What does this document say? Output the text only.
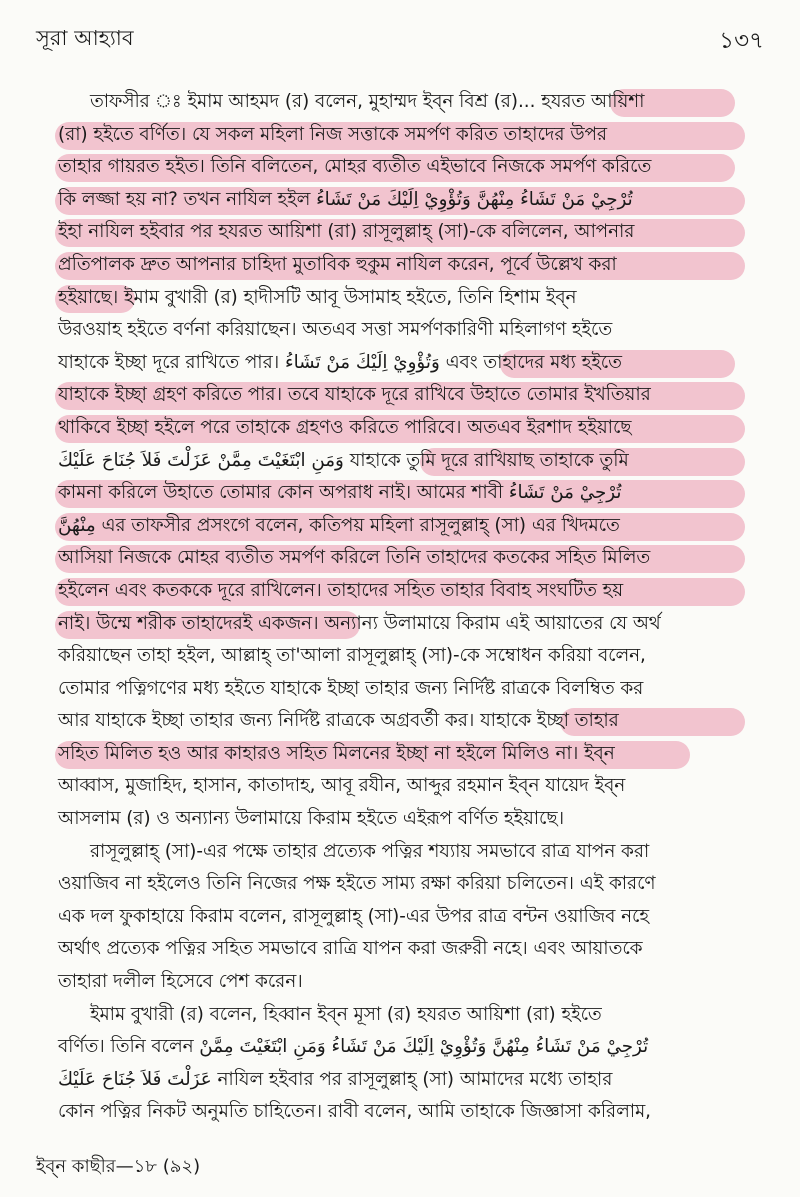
সূরা আহ্যাব	১৩৭
তাফসীর ঃ ইমাম আহমদ (র) বলেন, মুহাম্মদ ইব্ন বিশ্র (র)... হযরত আয়িশা
(রা) হইতে বর্ণিত। যে সকল মহিলা নিজ সত্তাকে সমর্পণ করিত তাহাদের উপর
তাহার গায়রত হইত। তিনি বলিতেন, মোহর ব্যতীত এইভাবে নিজকে সমর্পণ করিতে
কি লজ্জা হয় না? তখন নাযিল হইল تُرْجِيْ مَنْ تَشَاءُ مِنْهُنَّ وَتُؤْوِيْ اِلَيْكَ مَنْ تَشَاءُ
ইহা নাযিল হইবার পর হযরত আয়িশা (রা) রাসূলুল্লাহ্ (সা)-কে বলিলেন, আপনার
প্রতিপালক দ্রুত আপনার চাহিদা মুতাবিক হুকুম নাযিল করেন, পূর্বে উল্লেখ করা
হইয়াছে। ইমাম বুখারী (র) হাদীসটি আবূ উসামাহ হইতে, তিনি হিশাম ইব্ন
উরওয়াহ হইতে বর্ণনা করিয়াছেন। অতএব সত্তা সমর্পণকারিণী মহিলাগণ হইতে
যাহাকে ইচ্ছা দূরে রাখিতে পার। وَتُؤْوِيْ اِلَيْكَ مَنْ تَشَاءُ এবং তাহাদের মধ্য হইতে
যাহাকে ইচ্ছা গ্রহণ করিতে পার। তবে যাহাকে দূরে রাখিবে উহাতে তোমার ইখতিয়ার
থাকিবে ইচ্ছা হইলে পরে তাহাকে গ্রহণও করিতে পারিবে। অতএব ইরশাদ হইয়াছে
وَمَنِ ابْتَغَيْتَ مِمَّنْ عَزَلْتَ فَلاَ جُنَاحَ عَلَيْكَ যাহাকে তুমি দূরে রাখিয়াছ তাহাকে তুমি
কামনা করিলে উহাতে তোমার কোন অপরাধ নাই। আমের শাবী تُرْجِيْ مَنْ تَشَاءُ
مِنْهُنَّ এর তাফসীর প্রসংগে বলেন, কতিপয় মহিলা রাসূলুল্লাহ্ (সা) এর খিদমতে
আসিয়া নিজকে মোহর ব্যতীত সমর্পণ করিলে তিনি তাহাদের কতকের সহিত মিলিত
হইলেন এবং কতককে দূরে রাখিলেন। তাহাদের সহিত তাহার বিবাহ সংঘটিত হয়
নাই। উম্মে শরীক তাহাদেরই একজন। অন্যান্য উলামায়ে কিরাম এই আয়াতের যে অর্থ
করিয়াছেন তাহা হইল, আল্লাহ্ তা'আলা রাসূলুল্লাহ্ (সা)-কে সম্বোধন করিয়া বলেন,
তোমার পত্নিগণের মধ্য হইতে যাহাকে ইচ্ছা তাহার জন্য নির্দিষ্ট রাত্রকে বিলম্বিত কর
আর যাহাকে ইচ্ছা তাহার জন্য নির্দিষ্ট রাত্রকে অগ্রবর্তী কর। যাহাকে ইচ্ছা তাহার
সহিত মিলিত হও আর কাহারও সহিত মিলনের ইচ্ছা না হইলে মিলিও না। ইব্ন
আব্বাস, মুজাহিদ, হাসান, কাতাদাহ, আবূ রযীন, আব্দুর রহমান ইব্ন যায়েদ ইব্ন
আসলাম (র) ও অন্যান্য উলামায়ে কিরাম হইতে এইরূপ বর্ণিত হইয়াছে।
রাসূলুল্লাহ্ (সা)-এর পক্ষে তাহার প্রত্যেক পত্নির শয্যায় সমভাবে রাত্র যাপন করা
ওয়াজিব না হইলেও তিনি নিজের পক্ষ হইতে সাম্য রক্ষা করিয়া চলিতেন। এই কারণে
এক দল ফুকাহায়ে কিরাম বলেন, রাসূলুল্লাহ্ (সা)-এর উপর রাত্র বন্টন ওয়াজিব নহে
অর্থাৎ প্রত্যেক পত্নির সহিত সমভাবে রাত্রি যাপন করা জরুরী নহে। এবং আয়াতকে
তাহারা দলীল হিসেবে পেশ করেন।
ইমাম বুখারী (র) বলেন, হিব্বান ইব্ন মূসা (র) হযরত আয়িশা (রা) হইতে
বর্ণিত। তিনি বলেন تُرْجِيْ مَنْ تَشَاءُ مِنْهُنَّ وَتُؤْوِيْ اِلَيْكَ مَنْ تَشَاءُ وَمَنِ ابْتَغَيْتَ مِمَّنْ
عَزَلْتَ فَلاَ جُنَاحَ عَلَيْكَ নাযিল হইবার পর রাসূলুল্লাহ্ (সা) আমাদের মধ্যে তাহার
কোন পত্নির নিকট অনুমতি চাহিতেন। রাবী বলেন, আমি তাহাকে জিজ্ঞাসা করিলাম,
ইব্ন কাছীর—১৮ (৯২)
